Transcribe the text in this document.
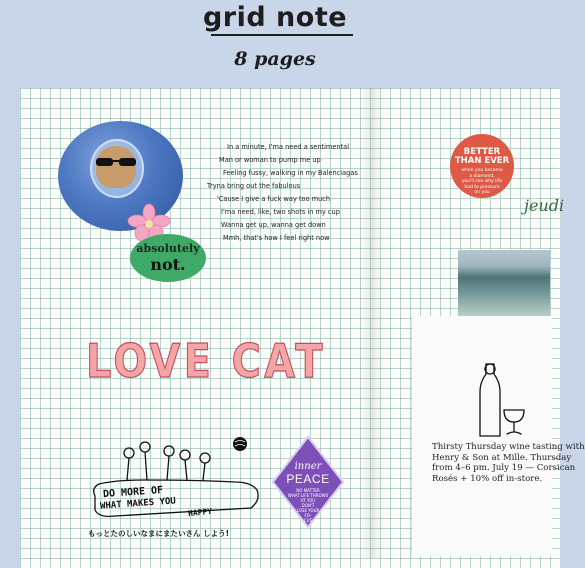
grid note
8 pages
absolutely
not.
In a minute, I'ma need a sentimental
Man or woman to pump me up
Feeling fussy, walking in my Balenciagas
Tryna bring out the fabulous
'Cause I give a fuck way too much
I'ma need, like, two shots in my cup
Wanna get up, wanna get down
Mmh, that's how I feel right now
BETTER
THAN EVER
when you become
a diamond,
you'll see why life
had to pressure
on you
jeudi
Thirsty Thursday wine tasting with
Henry & Son at Mille. Thursday
from 4–6 pm. July 19 — Corsican
Rosés + 10% off in-store.
LOVE CAT
DO MORE OF
WHAT MAKES YOU
HAPPY
もっとたのしいなまにまたいさん しよう!
inner
PEACE
NO MATTER
WHAT LIFE THROWS
AT YOU
DON'T
LOSE YOUR
FO-
CUS
